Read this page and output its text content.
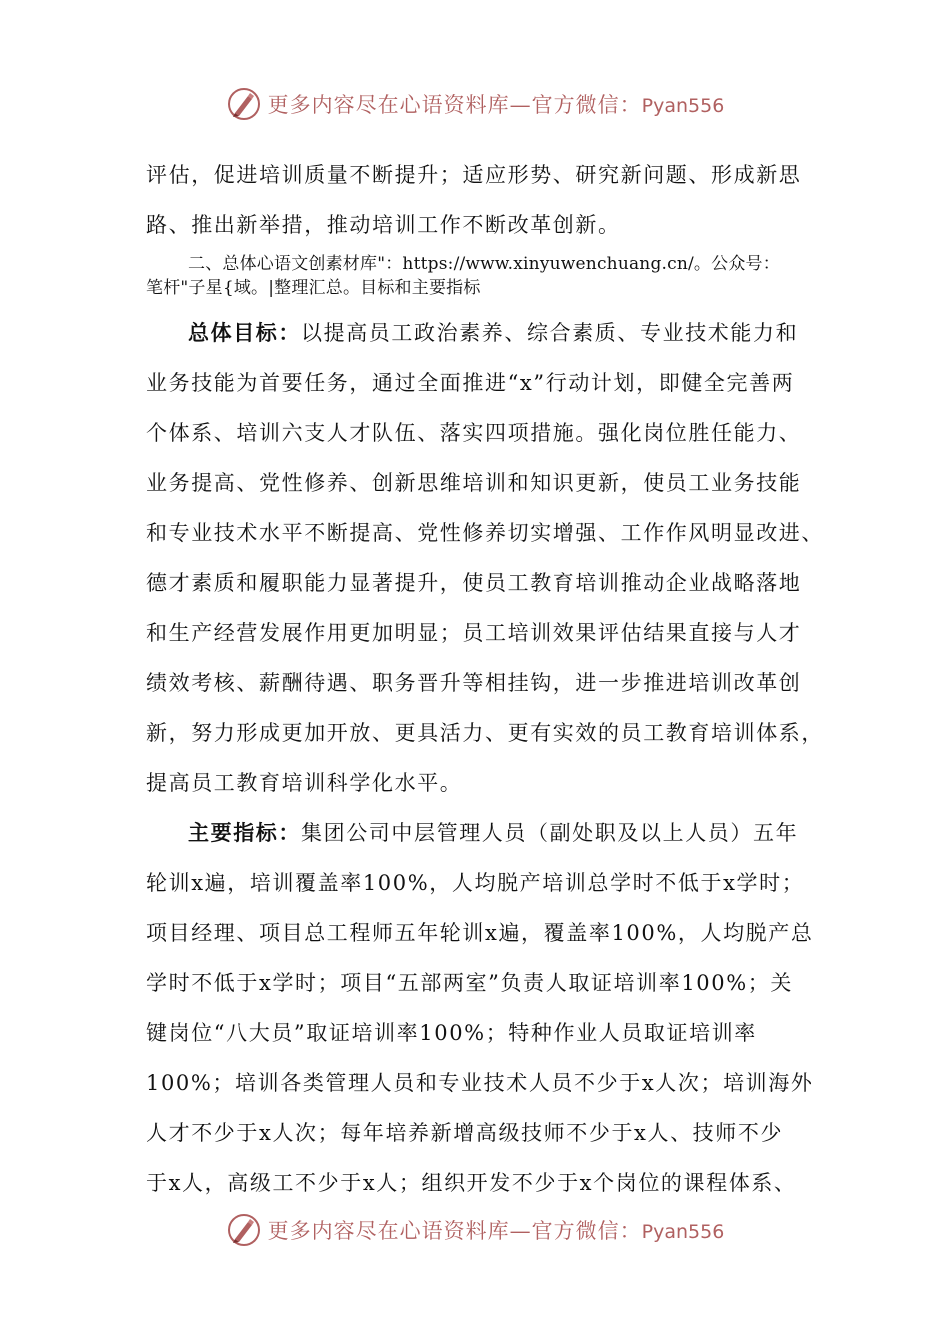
更多内容尽在心语资料库—官方微信：Pyan556

评估，促进培训质量不断提升；适应形势、研究新问题、形成新思
路、推出新举措，推动培训工作不断改革创新。

二、总体心语文创素材库"：https://www.xinyuwenchuang.cn/。公众号：
笔杆"子星{域。|整理汇总。目标和主要指标

总体目标：以提高员工政治素养、综合素质、专业技术能力和
业务技能为首要任务，通过全面推进“x”行动计划，即健全完善两
个体系、培训六支人才队伍、落实四项措施。强化岗位胜任能力、
业务提高、党性修养、创新思维培训和知识更新，使员工业务技能
和专业技术水平不断提高、党性修养切实增强、工作作风明显改进、
德才素质和履职能力显著提升，使员工教育培训推动企业战略落地
和生产经营发展作用更加明显；员工培训效果评估结果直接与人才
绩效考核、薪酬待遇、职务晋升等相挂钩，进一步推进培训改革创
新，努力形成更加开放、更具活力、更有实效的员工教育培训体系，
提高员工教育培训科学化水平。

主要指标：集团公司中层管理人员（副处职及以上人员）五年
轮训x遍，培训覆盖率100%，人均脱产培训总学时不低于x学时；
项目经理、项目总工程师五年轮训x遍，覆盖率100%，人均脱产总
学时不低于x学时；项目“五部两室”负责人取证培训率100%；关
键岗位“八大员”取证培训率100%；特种作业人员取证培训率
100%；培训各类管理人员和专业技术人员不少于x人次；培训海外
人才不少于x人次；每年培养新增高级技师不少于x人、技师不少
于x人，高级工不少于x人；组织开发不少于x个岗位的课程体系、

更多内容尽在心语资料库—官方微信：Pyan556
